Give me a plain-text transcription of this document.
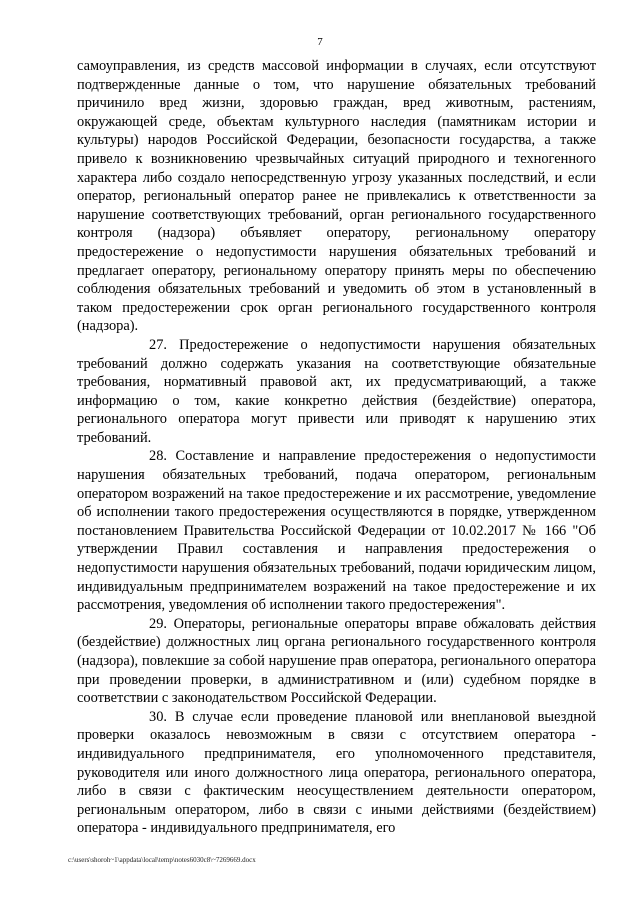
7

самоуправления, из средств массовой информации в случаях, если отсутствуют подтвержденные данные о том, что нарушение обязательных требований причинило вред жизни, здоровью граждан, вред животным, растениям, окружающей среде, объектам культурного наследия (памятникам истории и культуры) народов Российской Федерации, безопасности государства, а также привело к возникновению чрезвычайных ситуаций природного и техногенного характера либо создало непосредственную угрозу указанных последствий, и если оператор, региональный оператор ранее не привлекались к ответственности за нарушение соответствующих требований, орган регионального государственного контроля (надзора) объявляет оператору, региональному оператору предостережение о недопустимости нарушения обязательных требований и предлагает оператору, региональному оператору принять меры по обеспечению соблюдения обязательных требований и уведомить об этом в установленный в таком предостережении срок орган регионального государственного контроля (надзора).

27. Предостережение о недопустимости нарушения обязательных требований должно содержать указания на соответствующие обязательные требования, нормативный правовой акт, их предусматривающий, а также информацию о том, какие конкретно действия (бездействие) оператора, регионального оператора могут привести или приводят к нарушению этих требований.

28. Составление и направление предостережения о недопустимости нарушения обязательных требований, подача оператором, региональным оператором возражений на такое предостережение и их рассмотрение, уведомление об исполнении такого предостережения осуществляются в порядке, утвержденном постановлением Правительства Российской Федерации от 10.02.2017 № 166 "Об утверждении Правил составления и направления предостережения о недопустимости нарушения обязательных требований, подачи юридическим лицом, индивидуальным предпринимателем возражений на такое предостережение и их рассмотрения, уведомления об исполнении такого предостережения".

29. Операторы, региональные операторы вправе обжаловать действия (бездействие) должностных лиц органа регионального государственного контроля (надзора), повлекшие за собой нарушение прав оператора, регионального оператора при проведении проверки, в административном и (или) судебном порядке в соответствии с законодательством Российской Федерации.

30. В случае если проведение плановой или внеплановой выездной проверки оказалось невозможным в связи с отсутствием оператора - индивидуального предпринимателя, его уполномоченного представителя, руководителя или иного должностного лица оператора, регионального оператора, либо в связи с фактическим неосуществлением деятельности оператором, региональным оператором, либо в связи с иными действиями (бездействием) оператора - индивидуального предпринимателя, его

c:\users\shoroh~1\appdata\local\temp\notes6030c8\~7269669.docx
